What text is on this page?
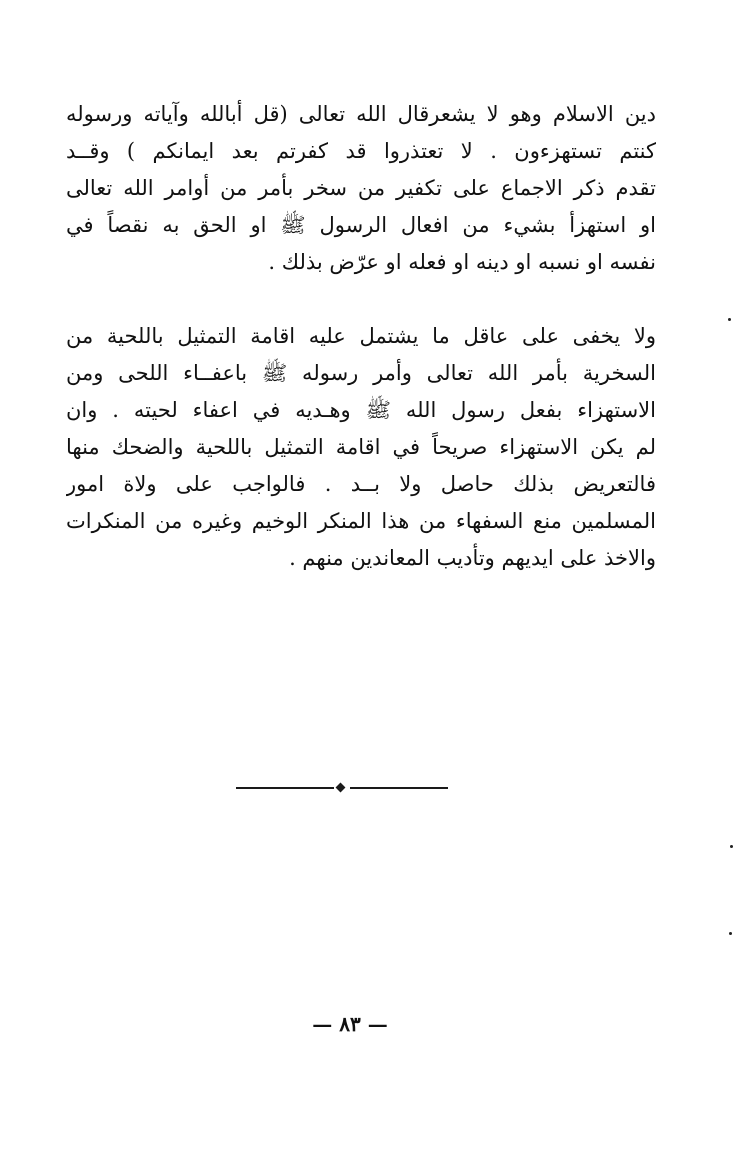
دين الاسلام وهو لا يشعرقال الله تعالى (قل أبالله وآياته ورسوله
كنتم تستهزءون . لا تعتذروا قد كفرتم بعد ايمانكم ) وقــد
تقدم ذكر الاجماع على تكفير من سخر بأمر من أوامر الله تعالى
او استهزأ بشيء من افعال الرسول ﷺ او الحق به نقصاً في
نفسه او نسبه او دينه او فعله او عرّض بذلك .
ولا يخفى على عاقل ما يشتمل عليه اقامة التمثيل باللحية من
السخرية بأمر الله تعالى وأمر رسوله ﷺ باعفــاء اللحى ومن
الاستهزاء بفعل رسول الله ﷺ وهـديه في اعفاء لحيته . وان
لم يكن الاستهزاء صريحاً في اقامة التمثيل باللحية والضحك منها
فالتعريض بذلك حاصل ولا بــد . فالواجب على ولاة امور
المسلمين منع السفهاء من هذا المنكر الوخيم وغيره من المنكرات
والاخذ على ايديهم وتأديب المعاندين منهم .
— ٨٣ —
